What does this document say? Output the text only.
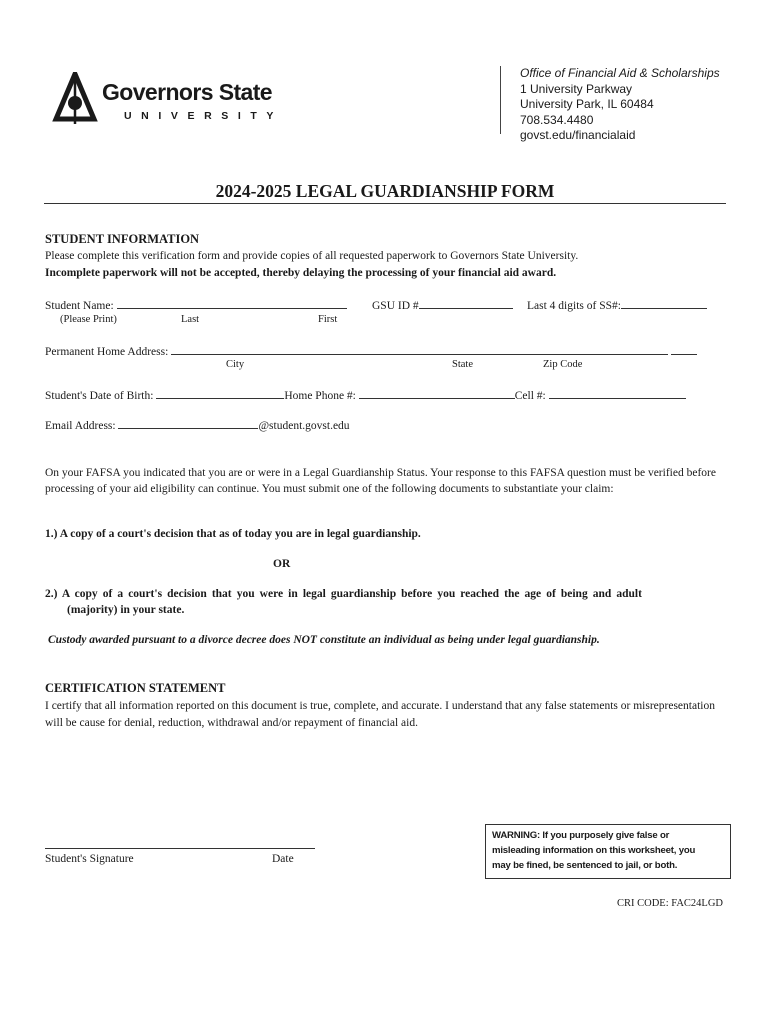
Governors State
UNIVERSITY
Office of Financial Aid & Scholarships
1 University Parkway
University Park, IL 60484
708.534.4480
govst.edu/financialaid
2024-2025 LEGAL GUARDIANSHIP FORM
STUDENT INFORMATION
Please complete this verification form and provide copies of all requested paperwork to Governors State University.
Incomplete paperwork will not be accepted, thereby delaying the processing of your financial aid award.
Student Name:	GSU ID #	Last 4 digits of SS#:
(Please Print)	Last	First
Permanent Home Address:
City	State	Zip Code
Student's Date of Birth:	Home Phone #:	Cell #:
Email Address:	@student.govst.edu
On your FAFSA you indicated that you are or were in a Legal Guardianship Status. Your response to this FAFSA question must be verified before processing of your aid eligibility can continue. You must submit one of the following documents to substantiate your claim:
1.) A copy of a court's decision that as of today you are in legal guardianship.
OR
2.) A copy of a court's decision that you were in legal guardianship before you reached the age of being and adult
(majority) in your state.
Custody awarded pursuant to a divorce decree does NOT constitute an individual as being under legal guardianship.
CERTIFICATION STATEMENT
I certify that all information reported on this document is true, complete, and accurate. I understand that any false statements or misrepresentation will be cause for denial, reduction, withdrawal and/or repayment of financial aid.
Student's Signature	Date
WARNING: If you purposely give false or
misleading information on this worksheet, you
may be fined, be sentenced to jail, or both.
CRI CODE: FAC24LGD
